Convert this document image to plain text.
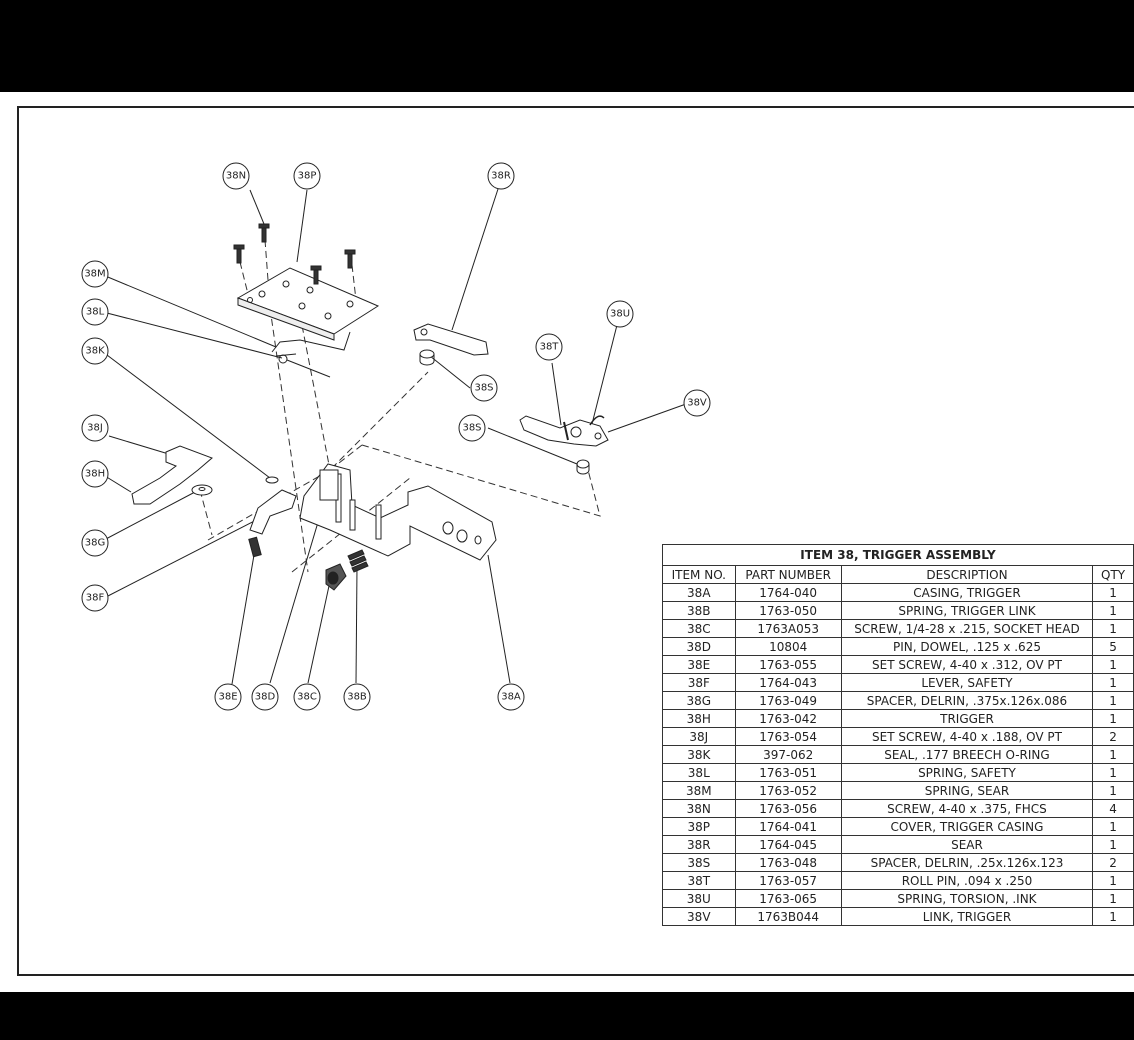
38N	38P	38R
38M
38L
38K
38U
38T
38S
38V
38S
38J
38H
38G
38F
38E 38D 38C	38B	38A
ITEM 38, TRIGGER ASSEMBLY			
ITEM NO.	PART NUMBER	DESCRIPTION	QTY
38A	1764-040	CASING, TRIGGER	1
38B	1763-050	SPRING, TRIGGER LINK	1
38C	1763A053	SCREW, 1/4-28 x .215, SOCKET HEAD	1
38D	10804	PIN, DOWEL, .125 x .625	5
38E	1763-055	SET SCREW, 4-40 x .312, OV PT	1
38F	1764-043	LEVER, SAFETY	1
38G	1763-049	SPACER, DELRIN, .375x.126x.086	1
38H	1763-042	TRIGGER	1
38J	1763-054	SET SCREW, 4-40 x .188, OV PT	2
38K	397-062	SEAL, .177 BREECH O-RING	1
38L	1763-051	SPRING, SAFETY	1
38M	1763-052	SPRING, SEAR	1
38N	1763-056	SCREW, 4-40 x .375, FHCS	4
38P	1764-041	COVER, TRIGGER CASING	1
38R	1764-045	SEAR	1
38S	1763-048	SPACER, DELRIN, .25x.126x.123	2
38T	1763-057	ROLL PIN, .094 x .250	1
38U	1763-065	SPRING, TORSION, .INK	1
38V	1763B044	LINK, TRIGGER	1
